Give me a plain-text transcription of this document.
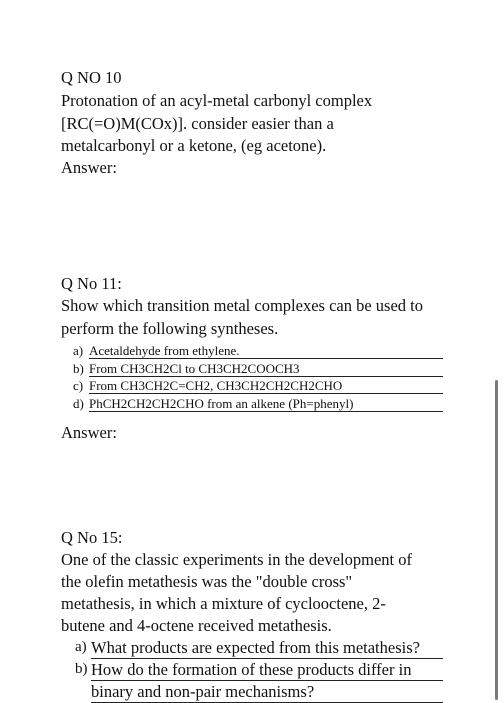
Q NO 10
Protonation of an acyl-metal carbonyl complex
[RC(=O)M(COx)]. consider easier than a
metalcarbonyl or a ketone, (eg acetone).
Answer:
Q No 11:
Show which transition metal complexes can be used to
perform the following syntheses.
a) Acetaldehyde from ethylene.
b) From CH3CH2Cl to CH3CH2COOCH3
c) From CH3CH2C=CH2, CH3CH2CH2CH2CHO
d) PhCH2CH2CH2CHO from an alkene (Ph=phenyl)
Answer:
Q No 15:
One of the classic experiments in the development of
the olefin metathesis was the "double cross"
metathesis, in which a mixture of cyclooctene, 2-
butene and 4-octene received metathesis.
a) What products are expected from this metathesis?
b) How do the formation of these products differ in
binary and non-pair mechanisms?
